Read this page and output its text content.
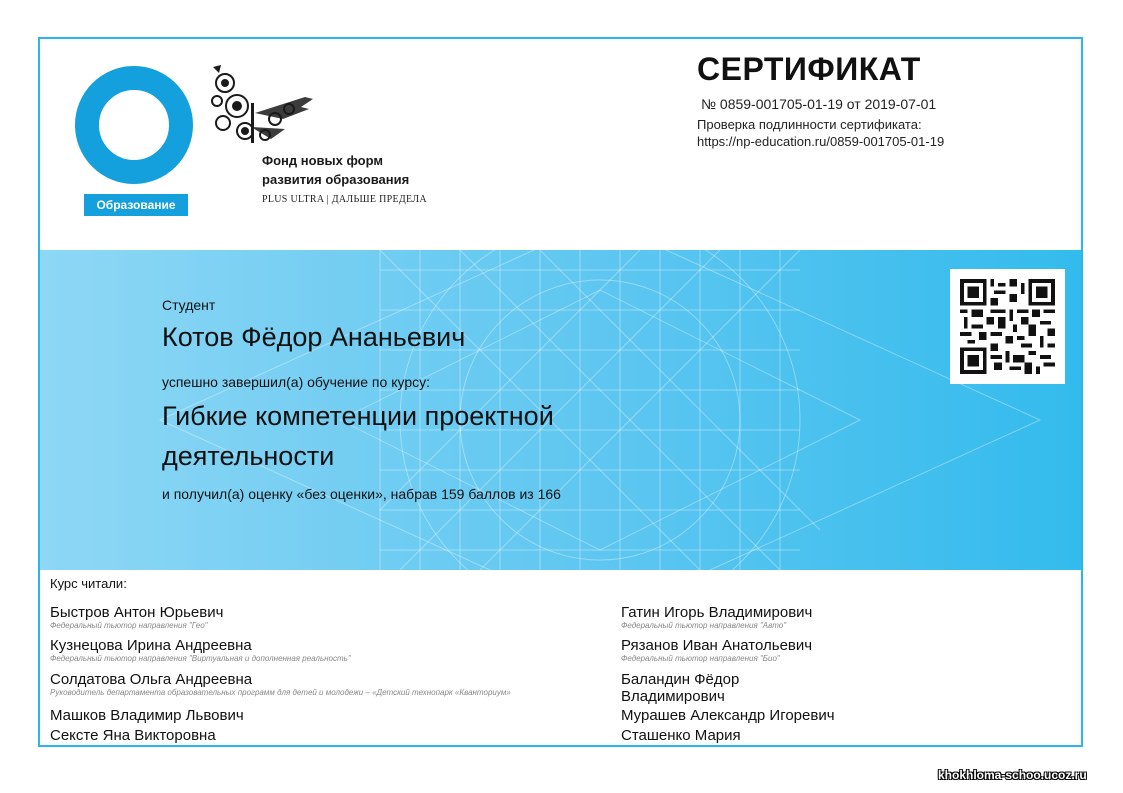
Образование
Фонд новых форм
развития образования
PLUS ULTRA | ДАЛЬШЕ ПРЕДЕЛА
СЕРТИФИКАТ
№ 0859-001705-01-19 от 2019-07-01
Проверка подлинности сертификата:
https://np-education.ru/0859-001705-01-19
Студент
Котов Фёдор Ананьевич
успешно завершил(а) обучение по курсу:
Гибкие компетенции проектной деятельности
и получил(а) оценку «без оценки», набрав 159 баллов из 166
Курс читали:
Быстров Антон Юрьевич
Федеральный тьютор направления "Гео"
Кузнецова Ирина Андреевна
Федеральный тьютор направления "Виртуальная и дополненная реальность"
Солдатова Ольга Андреевна
Руководитель департамента образовательных программ для детей и молодежи – «Детский технопарк «Кванториум»
Машков Владимир Львович
Сексте Яна Викторовна
Гатин Игорь Владимирович
Федеральный тьютор направления "Авто"
Рязанов Иван Анатольевич
Федеральный тьютор направления "Био"
Баландин Фёдор Владимирович
Мурашев Александр Игоревич
Сташенко Мария
khokhloma-schoo.ucoz.ru
